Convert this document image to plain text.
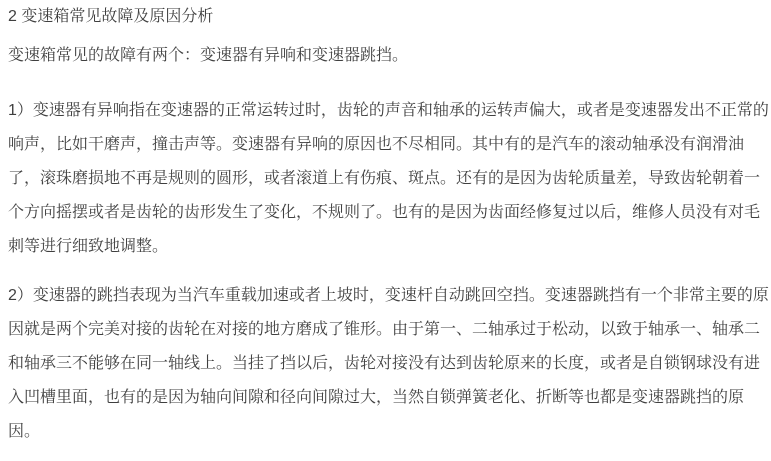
2 变速箱常见故障及原因分析
变速箱常见的故障有两个：变速器有异响和变速器跳挡。
1）变速器有异响指在变速器的正常运转过时，齿轮的声音和轴承的运转声偏大，或者是变速器发出不正常的
响声，比如干磨声，撞击声等。变速器有异响的原因也不尽相同。其中有的是汽车的滚动轴承没有润滑油
了，滚珠磨损地不再是规则的圆形，或者滚道上有伤痕、斑点。还有的是因为齿轮质量差，导致齿轮朝着一
个方向摇摆或者是齿轮的齿形发生了变化，不规则了。也有的是因为齿面经修复过以后，维修人员没有对毛
刺等进行细致地调整。
2）变速器的跳挡表现为当汽车重载加速或者上坡时，变速杆自动跳回空挡。变速器跳挡有一个非常主要的原
因就是两个完美对接的齿轮在对接的地方磨成了锥形。由于第一、二轴承过于松动，以致于轴承一、轴承二
和轴承三不能够在同一轴线上。当挂了挡以后，齿轮对接没有达到齿轮原来的长度，或者是自锁钢球没有进
入凹槽里面，也有的是因为轴向间隙和径向间隙过大，当然自锁弹簧老化、折断等也都是变速器跳挡的原
因。
